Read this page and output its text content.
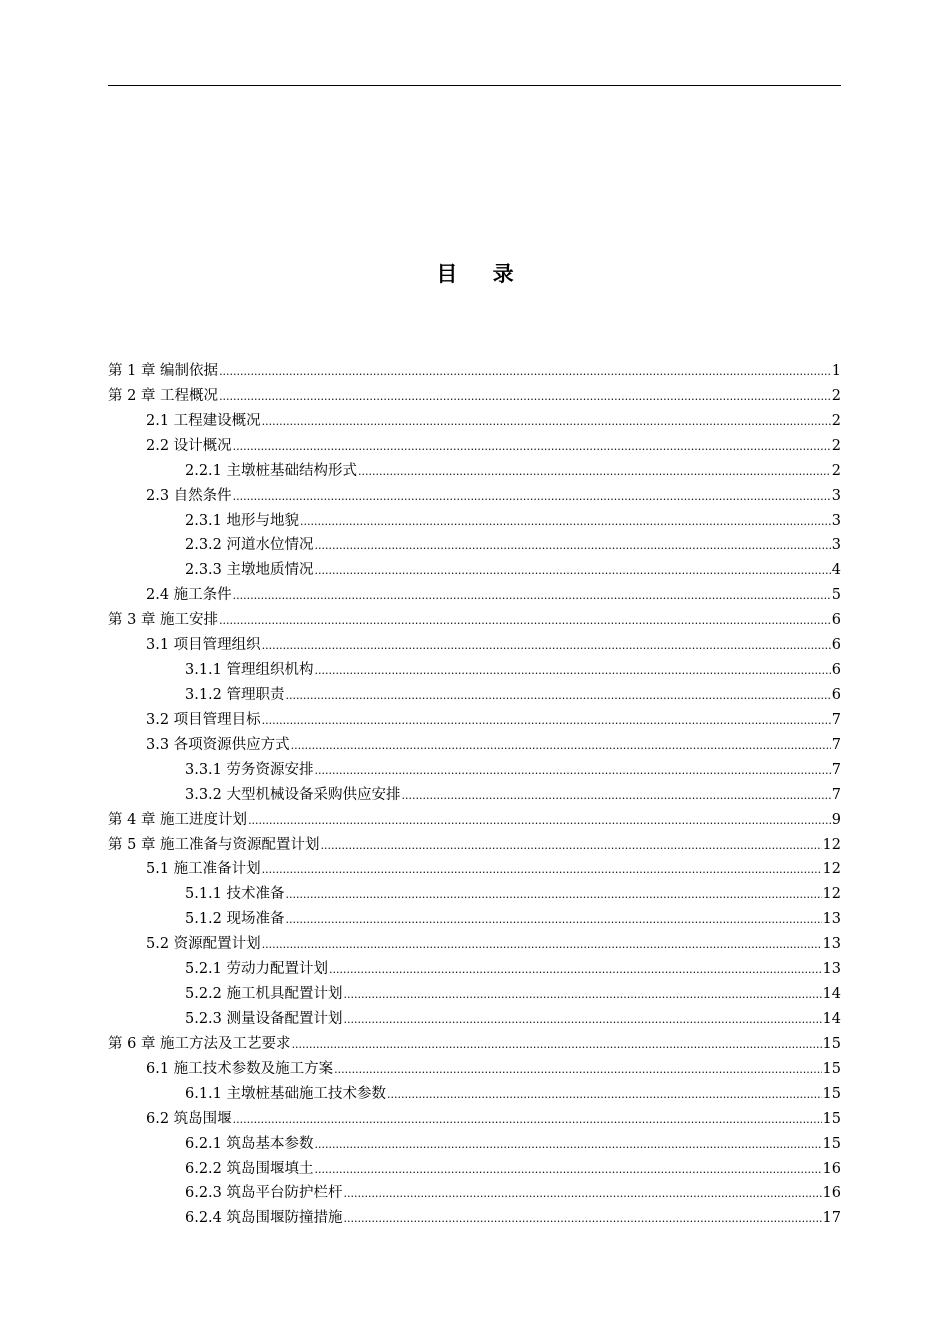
目 录
第 1 章 编制依据 .....	1
第 2 章 工程概况 .....	2
2.1 工程建设概况 .....	2
2.2 设计概况 .....	2
2.2.1 主墩桩基础结构形式 .....	2
2.3 自然条件 .....	3
2.3.1 地形与地貌 .....	3
2.3.2 河道水位情况 .....	3
2.3.3 主墩地质情况 .....	4
2.4 施工条件 .....	5
第 3 章 施工安排 .....	6
3.1 项目管理组织 .....	6
3.1.1 管理组织机构 .....	6
3.1.2 管理职责 .....	6
3.2 项目管理目标 .....	7
3.3 各项资源供应方式 .....	7
3.3.1 劳务资源安排 .....	7
3.3.2 大型机械设备采购供应安排 .....	7
第 4 章 施工进度计划 .....	9
第 5 章 施工准备与资源配置计划 .....	12
5.1 施工准备计划 .....	12
5.1.1 技术准备 .....	12
5.1.2 现场准备 .....	13
5.2 资源配置计划 .....	13
5.2.1 劳动力配置计划 .....	13
5.2.2 施工机具配置计划 .....	14
5.2.3 测量设备配置计划 .....	14
第 6 章 施工方法及工艺要求 .....	15
6.1 施工技术参数及施工方案 .....	15
6.1.1 主墩桩基础施工技术参数 .....	15
6.2 筑岛围堰 .....	15
6.2.1 筑岛基本参数 .....	15
6.2.2 筑岛围堰填土 .....	16
6.2.3 筑岛平台防护栏杆 .....	16
6.2.4 筑岛围堰防撞措施 .....	17
